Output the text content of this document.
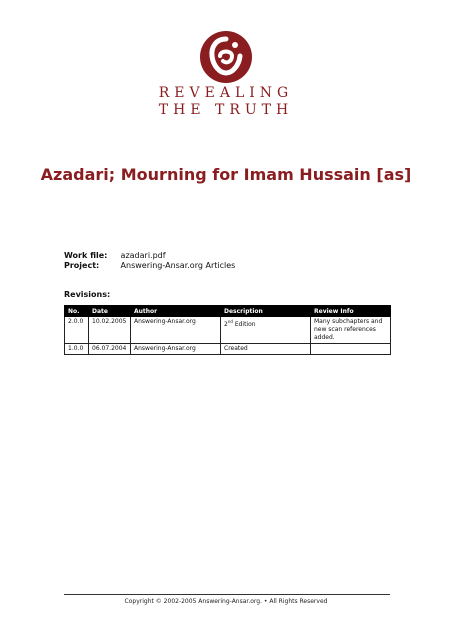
REVEALING
THE TRUTH
Azadari; Mourning for Imam Hussain [as]
Work file: azadari.pdf
Project:	Answering-Ansar.org Articles
Revisions:
No.	Date	Author	Description	Review Info
2.0.0	10.02.2005	Answering-Ansar.org	2nd Edition	Many subchapters and new scan references added.
1.0.0	06.07.2004	Answering-Ansar.org	Created	
Copyright © 2002-2005 Answering-Ansar.org. • All Rights Reserved
